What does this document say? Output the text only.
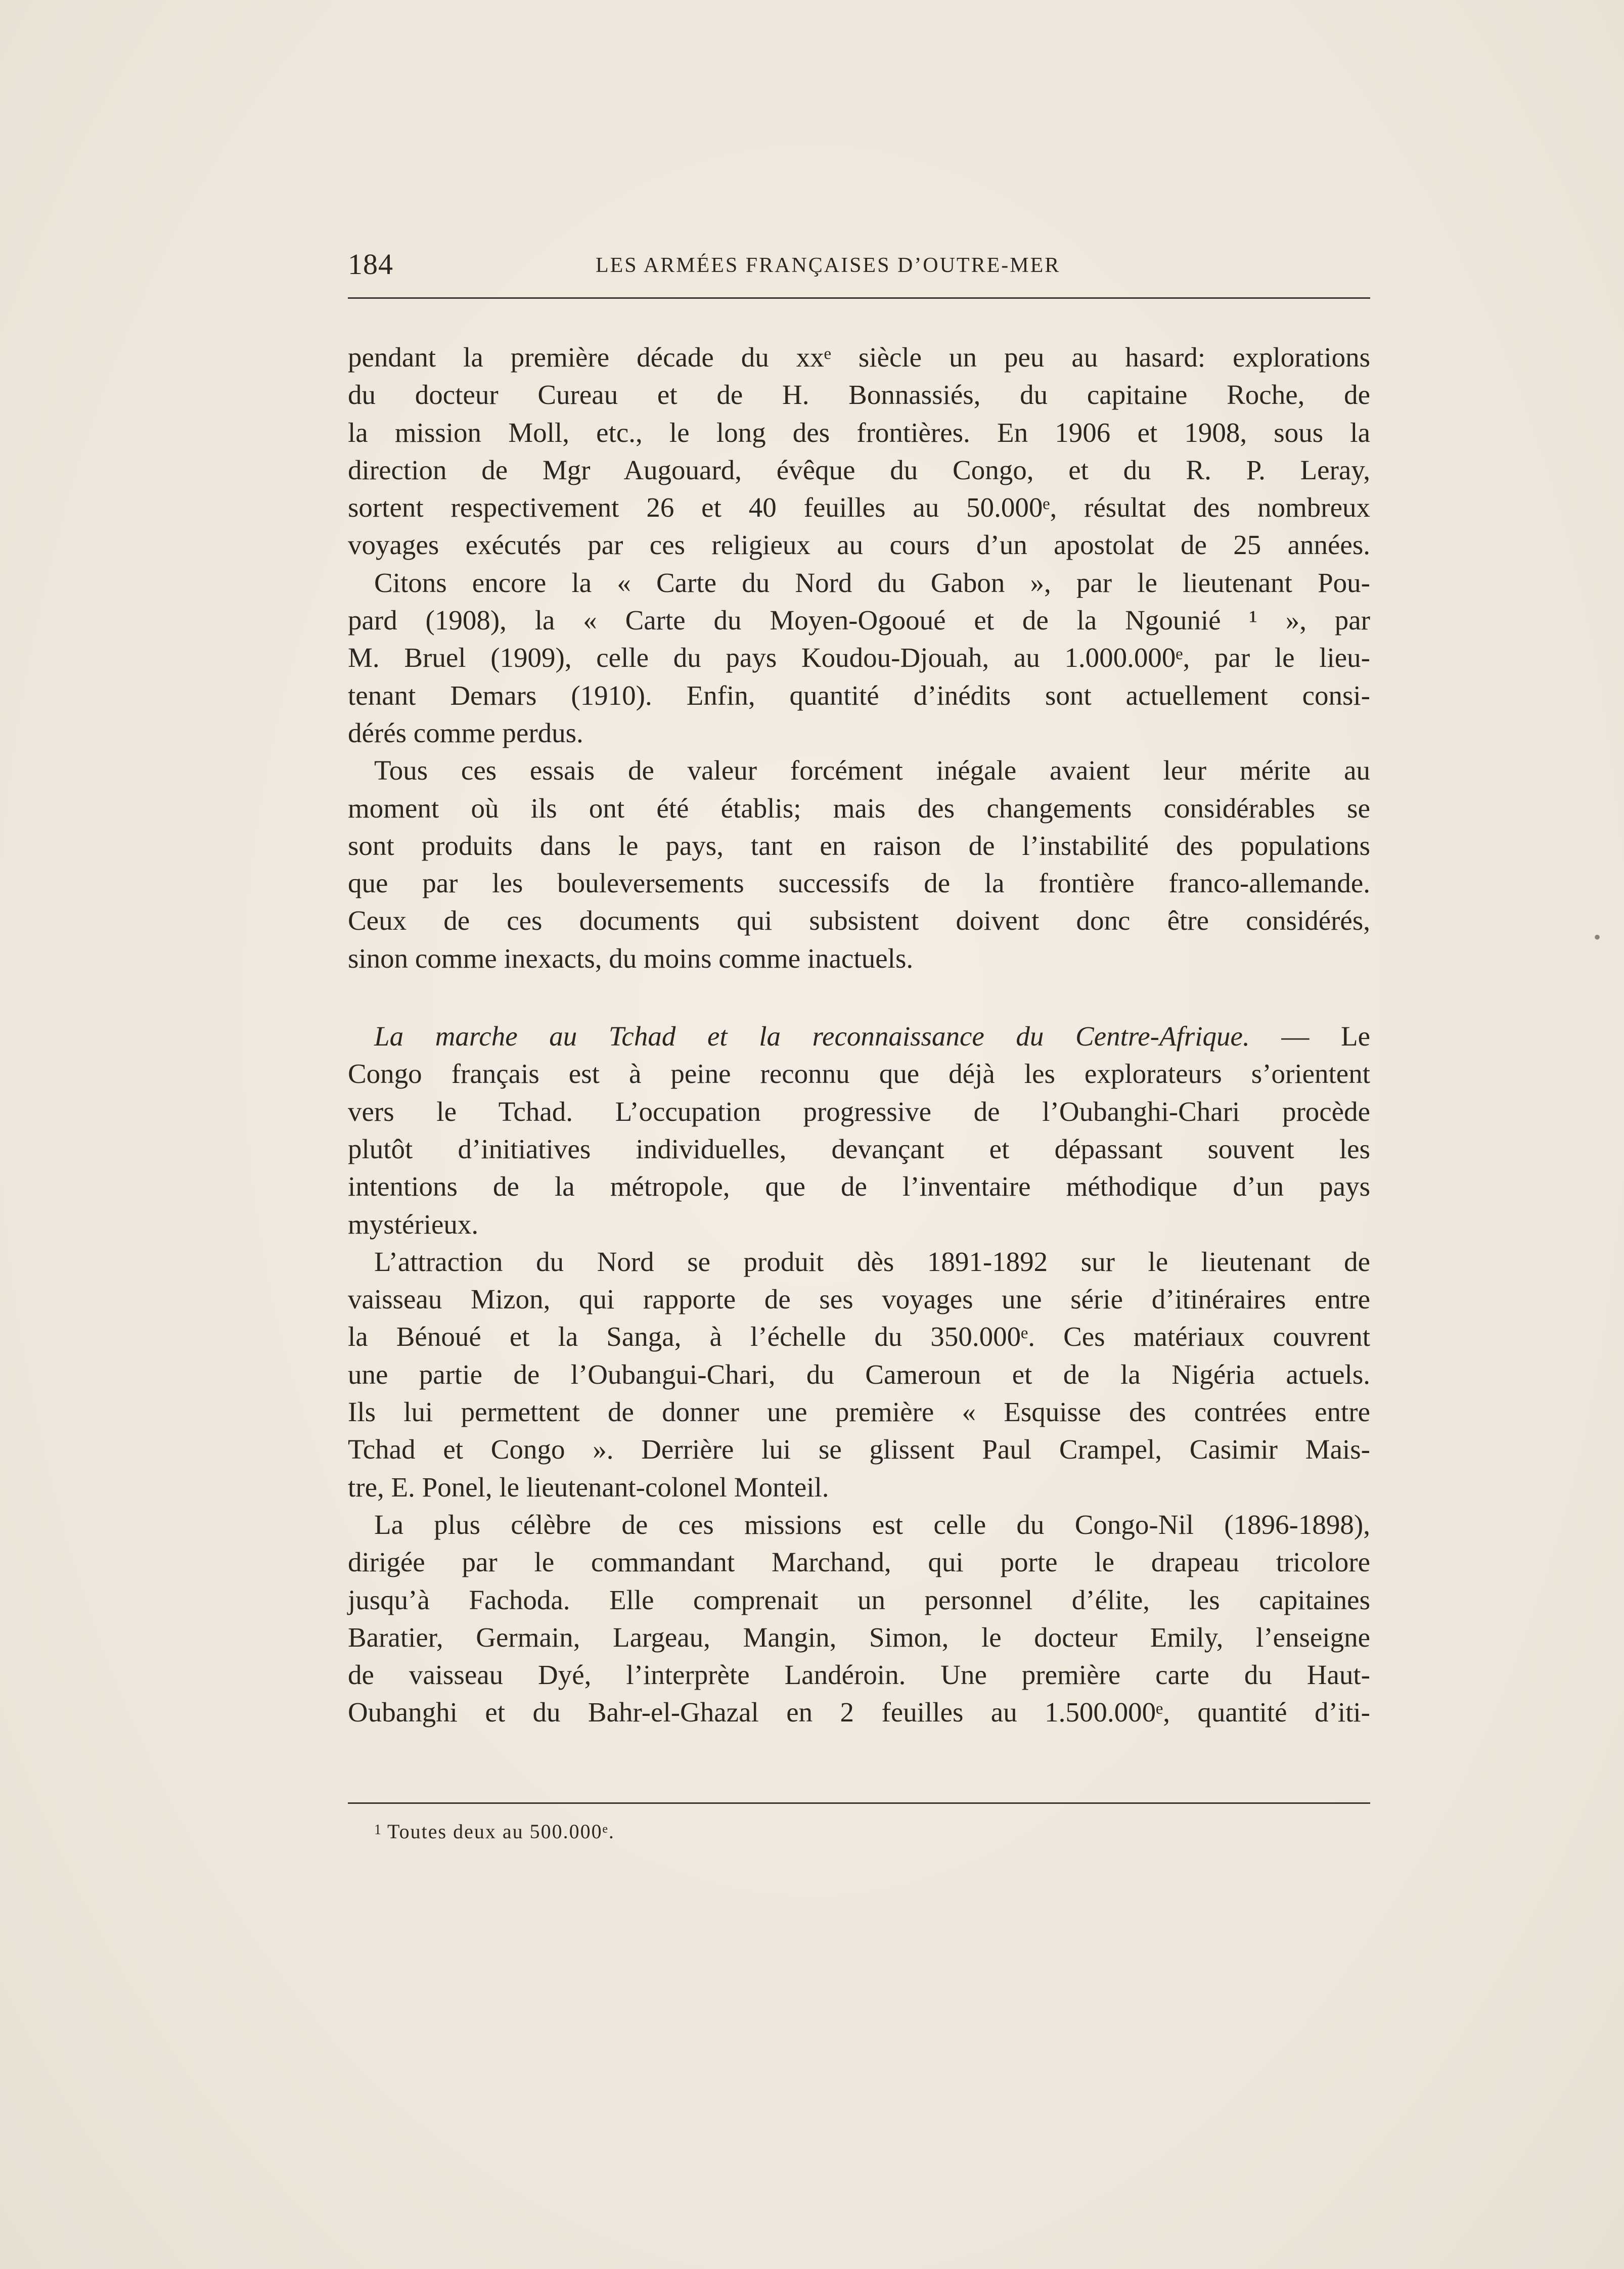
184	LES ARMÉES FRANÇAISES D’OUTRE-MER
pendant la première décade du xxᵉ siècle un peu au hasard: explorations
du docteur Cureau et de H. Bonnassiés, du capitaine Roche, de
la mission Moll, etc., le long des frontières. En 1906 et 1908, sous la
direction de Mgr Augouard, évêque du Congo, et du R. P. Leray,
sortent respectivement 26 et 40 feuilles au 50.000ᵉ, résultat des nombreux
voyages exécutés par ces religieux au cours d’un apostolat de 25 années.
Citons encore la « Carte du Nord du Gabon », par le lieutenant Pou-
pard (1908), la « Carte du Moyen-Ogooué et de la Ngounié ¹ », par
M. Bruel (1909), celle du pays Koudou-Djouah, au 1.000.000ᵉ, par le lieu-
tenant Demars (1910). Enfin, quantité d’inédits sont actuellement consi-
dérés comme perdus.
Tous ces essais de valeur forcément inégale avaient leur mérite au
moment où ils ont été établis; mais des changements considérables se
sont produits dans le pays, tant en raison de l’instabilité des populations
que par les bouleversements successifs de la frontière franco-allemande.
Ceux de ces documents qui subsistent doivent donc être considérés,
sinon comme inexacts, du moins comme inactuels.
La marche au Tchad et la reconnaissance du Centre-Afrique. — Le
Congo français est à peine reconnu que déjà les explorateurs s’orientent
vers le Tchad. L’occupation progressive de l’Oubanghi-Chari procède
plutôt d’initiatives individuelles, devançant et dépassant souvent les
intentions de la métropole, que de l’inventaire méthodique d’un pays
mystérieux.
L’attraction du Nord se produit dès 1891-1892 sur le lieutenant de
vaisseau Mizon, qui rapporte de ses voyages une série d’itinéraires entre
la Bénoué et la Sanga, à l’échelle du 350.000ᵉ. Ces matériaux couvrent
une partie de l’Oubangui-Chari, du Cameroun et de la Nigéria actuels.
Ils lui permettent de donner une première « Esquisse des contrées entre
Tchad et Congo ». Derrière lui se glissent Paul Crampel, Casimir Mais-
tre, E. Ponel, le lieutenant-colonel Monteil.
La plus célèbre de ces missions est celle du Congo-Nil (1896-1898),
dirigée par le commandant Marchand, qui porte le drapeau tricolore
jusqu’à Fachoda. Elle comprenait un personnel d’élite, les capitaines
Baratier, Germain, Largeau, Mangin, Simon, le docteur Emily, l’enseigne
de vaisseau Dyé, l’interprète Landéroin. Une première carte du Haut-
Oubanghi et du Bahr-el-Ghazal en 2 feuilles au 1.500.000ᵉ, quantité d’iti-
$^1$ Toutes deux au 500.000ᵉ.
•
